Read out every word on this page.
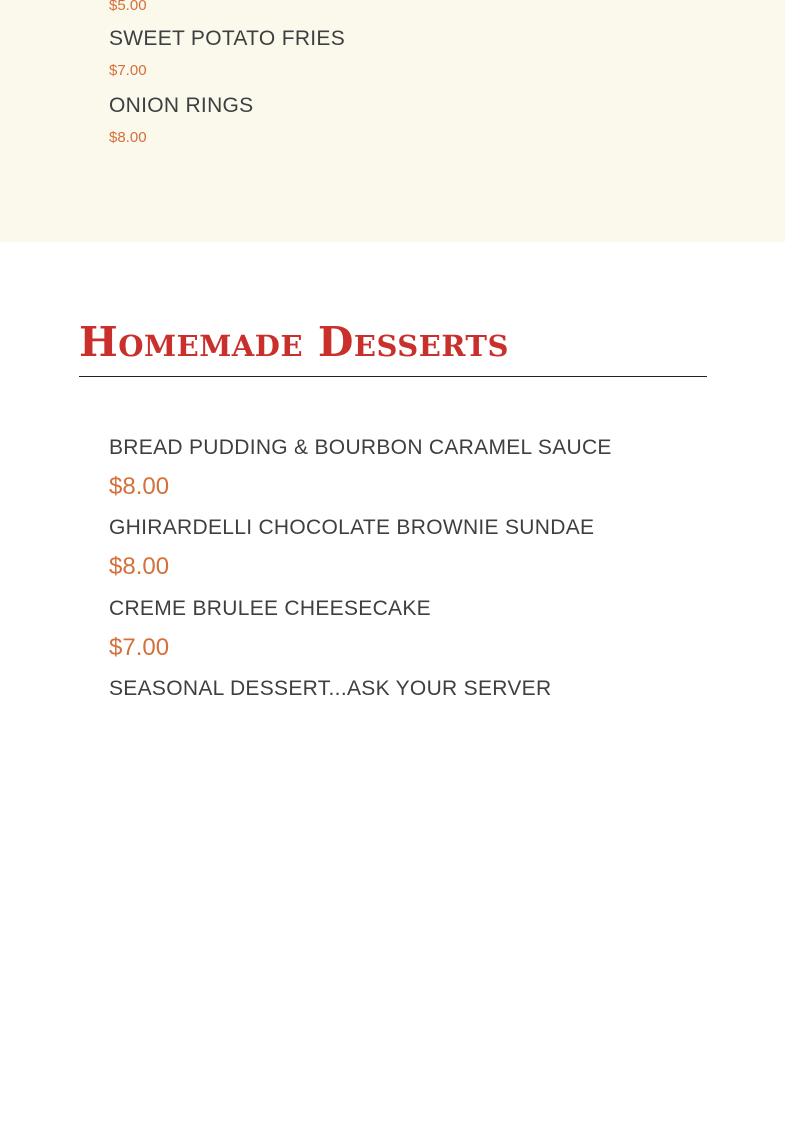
$5.00

SWEET POTATO FRIES

$7.00

ONION RINGS

$8.00

Homemade Desserts

BREAD PUDDING & BOURBON CARAMEL SAUCE

$8.00

GHIRARDELLI CHOCOLATE BROWNIE SUNDAE

$8.00

CREME BRULEE CHEESECAKE

$7.00

SEASONAL DESSERT...ASK YOUR SERVER
